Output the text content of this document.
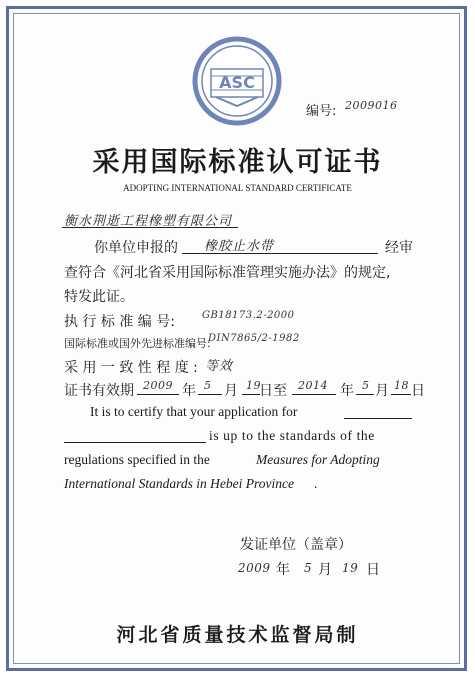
ASC
编号: 2009016
采用国际标准认可证书
ADOPTING INTERNATIONAL STANDARD CERTIFICATE
衡水荆逝工程橡塑有限公司
你单位申报的 橡胶止水带	经审
查符合《河北省采用国际标准管理实施办法》的规定,
特发此证。
执 行 标 准 编 号:	GB18173.2-2000
国际标准或国外先进标准编号:
DIN7865/2-1982
采 用 一 致 性 程 度 : 等效
证书有效期 2009 年 5 月 19
日至 2014 年 5 月 18 日
It is to certify that your application for
is up to the standards of the
regulations specified in the	Measures for Adopting
International Standards in Hebei Province .
发证单位（盖章）
2009 年 5 月 19 日
河北省质量技术监督局制
